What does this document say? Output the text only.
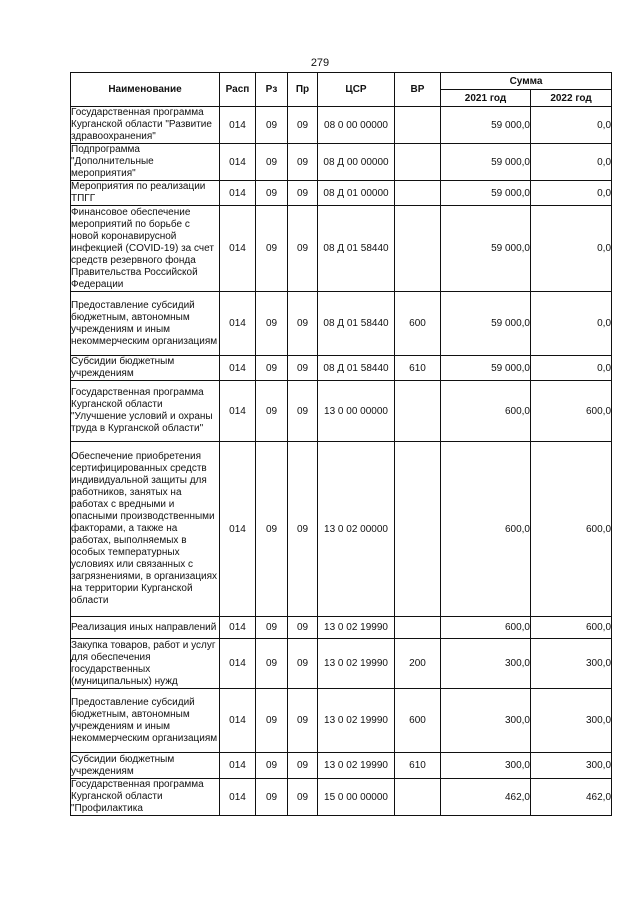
279
Наименование	Расп	Рз	Пр	ЦСР	ВР	Сумма	
						2021 год	2022 год
Государственная программа Курганской области "Развитие здравоохранения"	014	09	09	08 0 00 00000		59 000,0	0,0
Подпрограмма "Дополнительные мероприятия"	014	09	09	08 Д 00 00000		59 000,0	0,0
Мероприятия по реализации ТПГГ	014	09	09	08 Д 01 00000		59 000,0	0,0
Финансовое обеспечение мероприятий по борьбе с новой коронавирусной инфекцией (COVID-19) за счет средств резервного фонда Правительства Российской Федерации	014	09	09	08 Д 01 58440		59 000,0	0,0
Предоставление субсидий бюджетным, автономным учреждениям и иным некоммерческим организациям	014	09	09	08 Д 01 58440	600	59 000,0	0,0
Субсидии бюджетным учреждениям	014	09	09	08 Д 01 58440	610	59 000,0	0,0
Государственная программа Курганской области "Улучшение условий и охраны труда в Курганской области"	014	09	09	13 0 00 00000		600,0	600,0
Обеспечение приобретения сертифицированных средств индивидуальной защиты для работников, занятых на работах с вредными и опасными производственными факторами, а также на работах, выполняемых в особых температурных условиях или связанных с загрязнениями, в организациях на территории Курганской области	014	09	09	13 0 02 00000		600,0	600,0
Реализация иных направлений	014	09	09	13 0 02 19990		600,0	600,0
Закупка товаров, работ и услуг для обеспечения государственных (муниципальных) нужд	014	09	09	13 0 02 19990	200	300,0	300,0
Предоставление субсидий бюджетным, автономным учреждениям и иным некоммерческим организациям	014	09	09	13 0 02 19990	600	300,0	300,0
Субсидии бюджетным учреждениям	014	09	09	13 0 02 19990	610	300,0	300,0
Государственная программа Курганской области "Профилактика	014	09	09	15 0 00 00000		462,0	462,0
